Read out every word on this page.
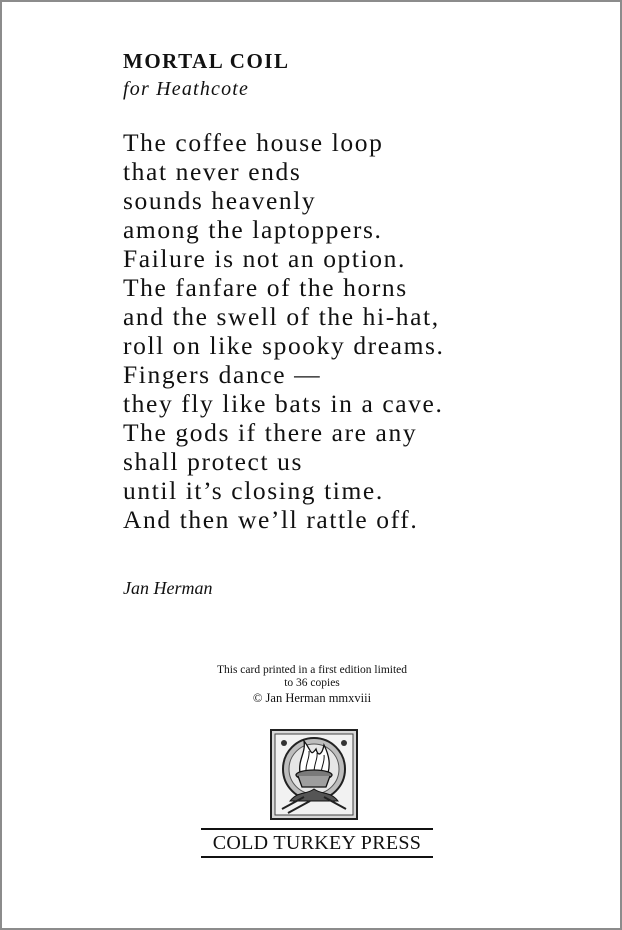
MORTAL COIL
for Heathcote
The coffee house loop
that never ends
sounds heavenly
among the laptoppers.
Failure is not an option.
The fanfare of the horns
and the swell of the hi-hat,
roll on like spooky dreams.
Fingers dance —
they fly like bats in a cave.
The gods if there are any
shall protect us
until it’s closing time.
And then we’ll rattle off.
Jan Herman
This card printed in a first edition limited
to 36 copies
© Jan Herman mmxviii
COLD TURKEY PRESS
